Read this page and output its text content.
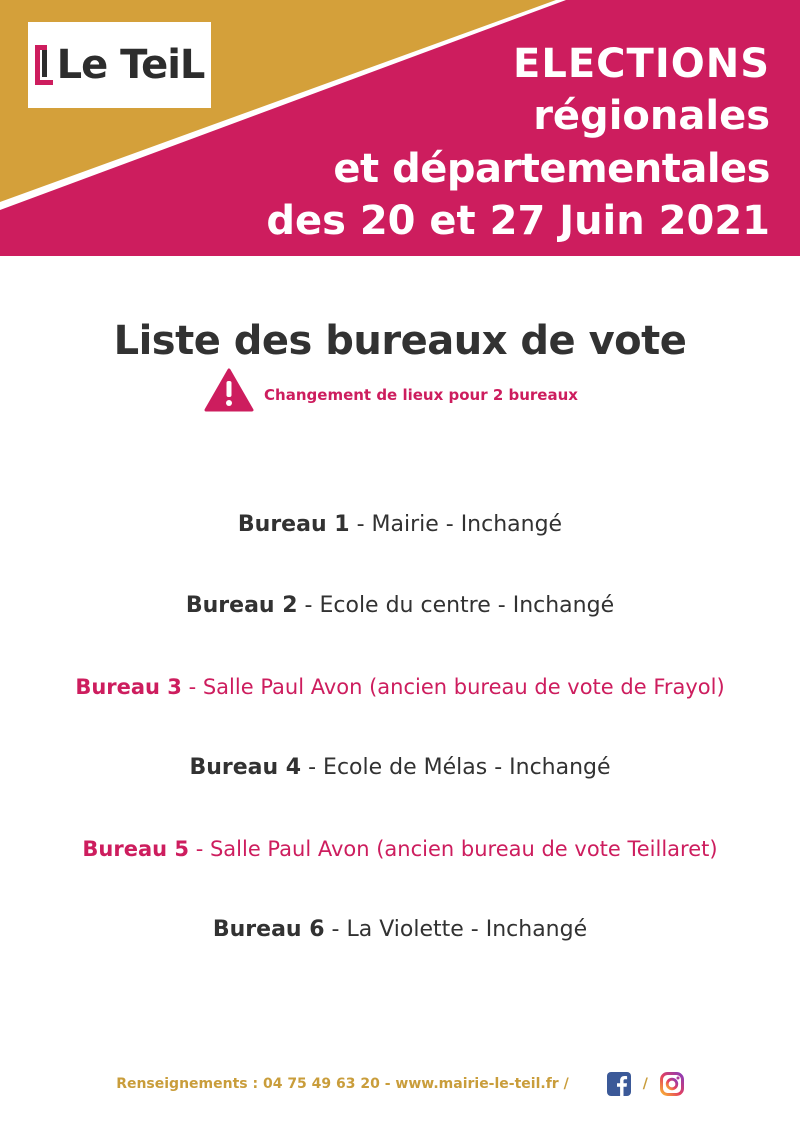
Le TeiL	ELECTIONS
régionales
et départementales
des 20 et 27 Juin 2021
Liste des bureaux de vote
Changement de lieux pour 2 bureaux
Bureau 1 - Mairie - Inchangé
Bureau 2 - Ecole du centre - Inchangé
Bureau 3 - Salle Paul Avon (ancien bureau de vote de Frayol)
Bureau 4 - Ecole de Mélas - Inchangé
Bureau 5 - Salle Paul Avon (ancien bureau de vote Teillaret)
Bureau 6 - La Violette - Inchangé
Renseignements : 04 75 49 63 20 - www.mairie-le-teil.fr /	/
